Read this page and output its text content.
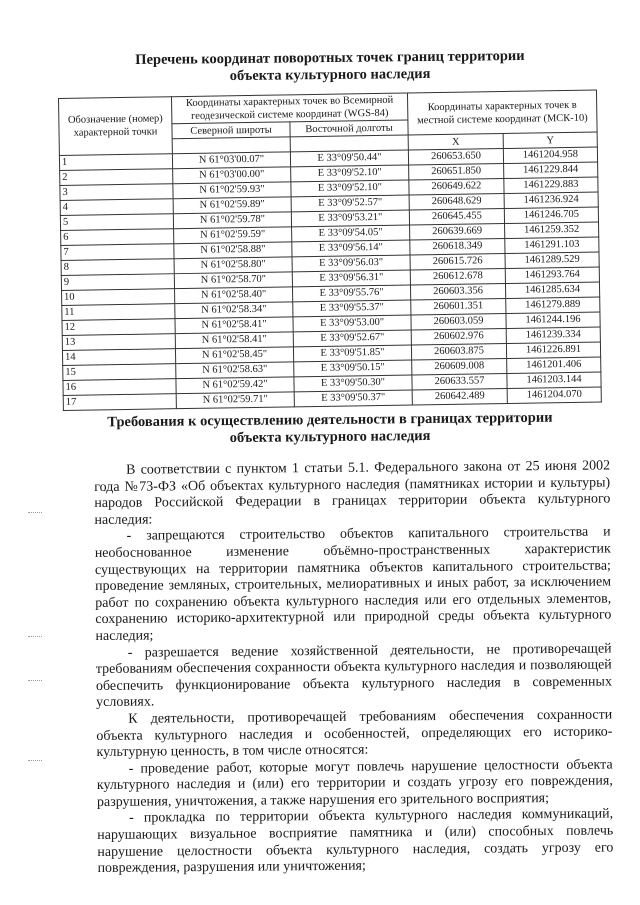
Перечень координат поворотных точек границ территории
объекта культурного наследия
Обозначение (номер) характерной точки	Координаты характерных точек во Всемирной геодезической системе координат (WGS-84)		Координаты характерных точек в местной системе координат (МСК-10)	
	Северной широты	Восточной долготы		
			X	Y
1	N 61°03'00.07"	E 33°09'50.44"	260653.650	1461204.958
2	N 61°03'00.00"	E 33°09'52.10"	260651.850	1461229.844
3	N 61°02'59.93"	E 33°09'52.10"	260649.622	1461229.883
4	N 61°02'59.89"	E 33°09'52.57"	260648.629	1461236.924
5	N 61°02'59.78"	E 33°09'53.21"	260645.455	1461246.705
6	N 61°02'59.59"	E 33°09'54.05"	260639.669	1461259.352
7	N 61°02'58.88"	E 33°09'56.14"	260618.349	1461291.103
8	N 61°02'58.80"	E 33°09'56.03"	260615.726	1461289.529
9	N 61°02'58.70"	E 33°09'56.31"	260612.678	1461293.764
10	N 61°02'58.40"	E 33°09'55.76"	260603.356	1461285.634
11	N 61°02'58.34"	E 33°09'55.37"	260601.351	1461279.889
12	N 61°02'58.41"	E 33°09'53.00"	260603.059	1461244.196
13	N 61°02'58.41"	E 33°09'52.67"	260602.976	1461239.334
14	N 61°02'58.45"	E 33°09'51.85"	260603.875	1461226.891
15	N 61°02'58.63"	E 33°09'50.15"	260609.008	1461201.406
16	N 61°02'59.42"	E 33°09'50.30"	260633.557	1461203.144
17	N 61°02'59.71"	E 33°09'50.37"	260642.489	1461204.070
Требования к осуществлению деятельности в границах территории
объекта культурного наследия

В соответствии с пунктом 1 статьи 5.1. Федерального закона от 25 июня 2002 года №73-ФЗ «Об объектах культурного наследия (памятниках истории и культуры) народов Российской Федерации в границах территории объекта культурного наследия:

- запрещаются строительство объектов капитального строительства и необоснованное изменение объёмно-пространственных характеристик существующих на территории памятника объектов капитального строительства; проведение земляных, строительных, мелиоративных и иных работ, за исключением работ по сохранению объекта культурного наследия или его отдельных элементов, сохранению историко-архитектурной или природной среды объекта культурного наследия;

- разрешается ведение хозяйственной деятельности, не противоречащей требованиям обеспечения сохранности объекта культурного наследия и позволяющей обеспечить функционирование объекта культурного наследия в современных условиях.

К деятельности, противоречащей требованиям обеспечения сохранности объекта культурного наследия и особенностей, определяющих его историко-культурную ценность, в том числе относятся:

- проведение работ, которые могут повлечь нарушение целостности объекта культурного наследия и (или) его территории и создать угрозу его повреждения, разрушения, уничтожения, а также нарушения его зрительного восприятия;

- прокладка по территории объекта культурного наследия коммуникаций, нарушающих визуальное восприятие памятника и (или) способных повлечь нарушение целостности объекта культурного наследия, создать угрозу его повреждения, разрушения или уничтожения;
